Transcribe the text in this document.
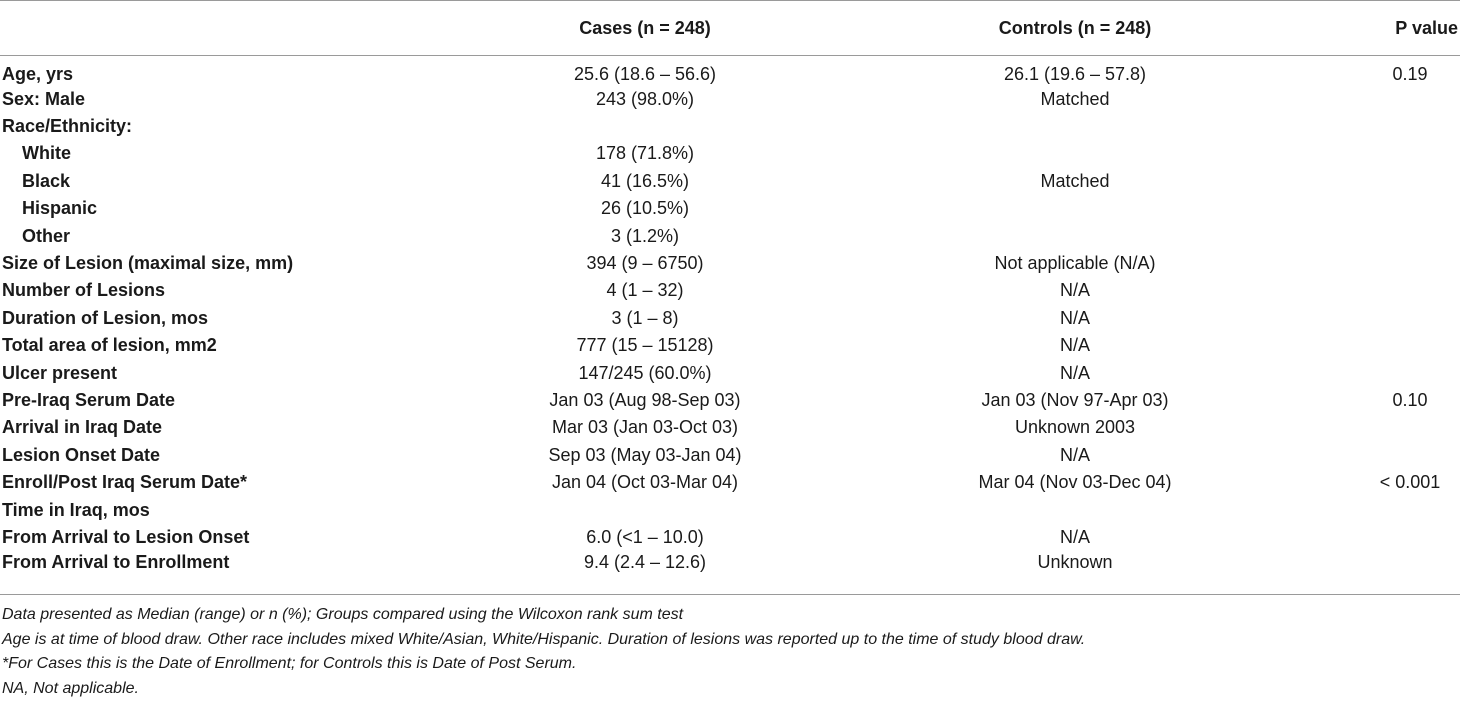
	Cases (n = 248)	Controls (n = 248)	P value
Age, yrs	25.6 (18.6 – 56.6)	26.1 (19.6 – 57.8)	0.19
Sex: Male	243 (98.0%)	Matched	
Race/Ethnicity:			
White	178 (71.8%)		
Black	41 (16.5%)	Matched	
Hispanic	26 (10.5%)		
Other	3 (1.2%)		
Size of Lesion (maximal size, mm)	394 (9 – 6750)	Not applicable (N/A)	
Number of Lesions	4 (1 – 32)	N/A	
Duration of Lesion, mos	3 (1 – 8)	N/A	
Total area of lesion, mm2	777 (15 – 15128)	N/A	
Ulcer present	147/245 (60.0%)	N/A	
Pre-Iraq Serum Date	Jan 03 (Aug 98-Sep 03)	Jan 03 (Nov 97-Apr 03)	0.10
Arrival in Iraq Date	Mar 03 (Jan 03-Oct 03)	Unknown 2003	
Lesion Onset Date	Sep 03 (May 03-Jan 04)	N/A	
Enroll/Post Iraq Serum Date*	Jan 04 (Oct 03-Mar 04)	Mar 04 (Nov 03-Dec 04)	< 0.001
Time in Iraq, mos			
From Arrival to Lesion Onset	6.0 (<1 – 10.0)	N/A	
From Arrival to Enrollment	9.4 (2.4 – 12.6)	Unknown	
Data presented as Median (range) or n (%); Groups compared using the Wilcoxon rank sum test
Age is at time of blood draw. Other race includes mixed White/Asian, White/Hispanic. Duration of lesions was reported up to the time of study blood draw.
*For Cases this is the Date of Enrollment; for Controls this is Date of Post Serum.
NA, Not applicable.
